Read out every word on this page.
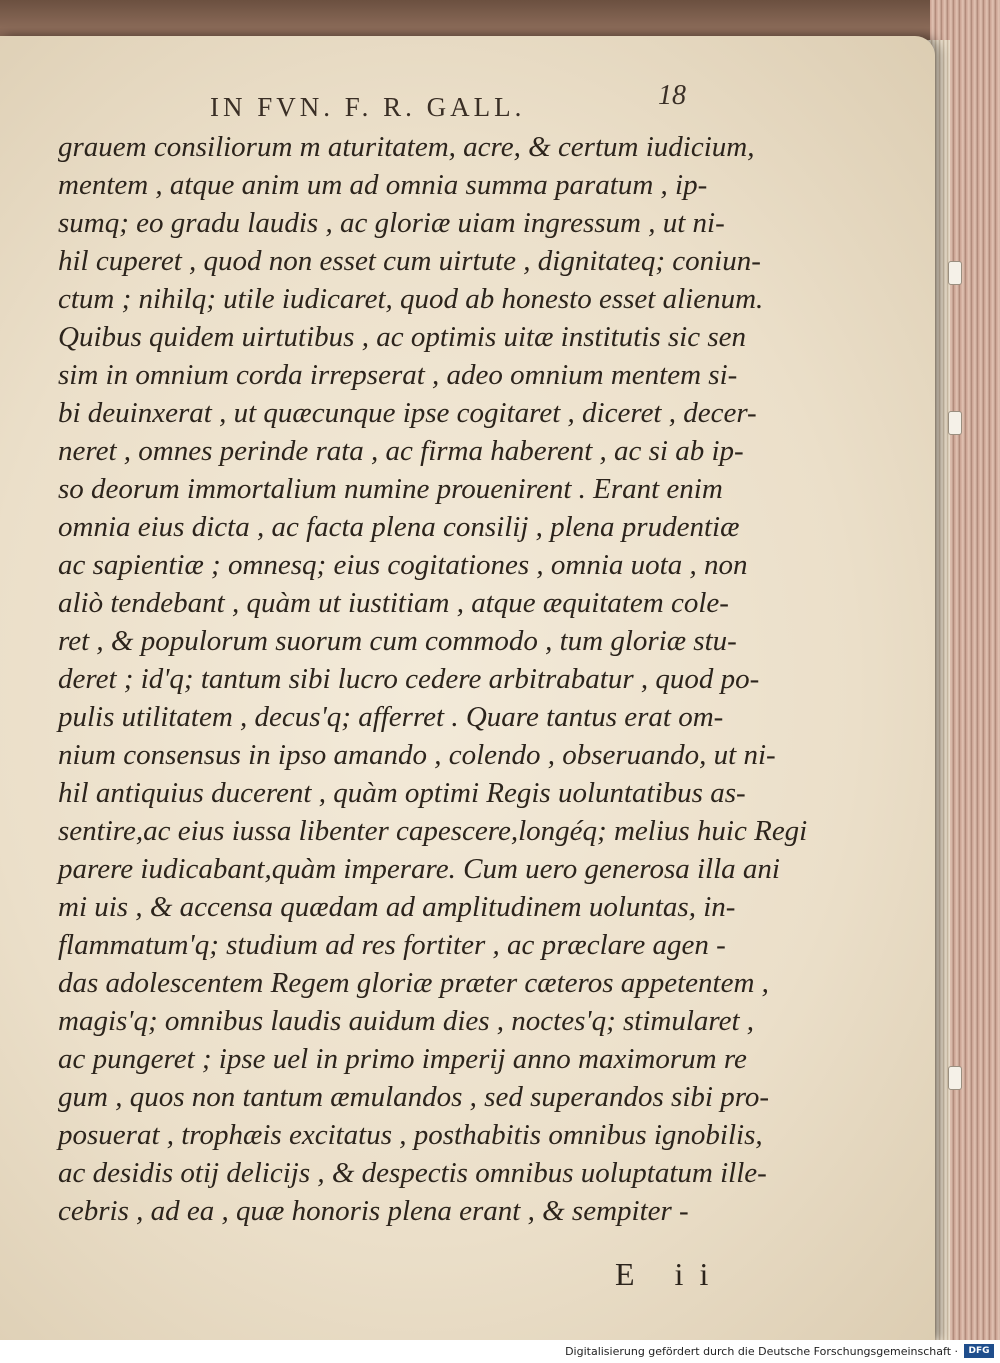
IN FVN. F. R. GALL.	18
grauem consiliorum m aturitatem, acre, & certum iudicium,
mentem , atque anim um ad omnia summa paratum , ip-
sumq; eo gradu laudis , ac gloriæ uiam ingressum , ut ni-
hil cuperet , quod non esset cum uirtute , dignitateq; coniun-
ctum ; nihilq; utile iudicaret, quod ab honesto esset alienum.
Quibus quidem uirtutibus , ac optimis uitæ institutis sic sen
sim in omnium corda irrepserat , adeo omnium mentem si-
bi deuinxerat , ut quæcunque ipse cogitaret , diceret , decer-
neret , omnes perinde rata , ac firma haberent , ac si ab ip-
so deorum immortalium numine prouenirent . Erant enim
omnia eius dicta , ac facta plena consilij , plena prudentiæ
ac sapientiæ ; omnesq; eius cogitationes , omnia uota , non
aliò tendebant , quàm ut iustitiam , atque æquitatem cole-
ret , & populorum suorum cum commodo , tum gloriæ stu-
deret ; id'q; tantum sibi lucro cedere arbitrabatur , quod po-
pulis utilitatem , decus'q; afferret . Quare tantus erat om-
nium consensus in ipso amando , colendo , obseruando, ut ni-
hil antiquius ducerent , quàm optimi Regis uoluntatibus as-
sentire,ac eius iussa libenter capescere,longéq; melius huic Regi
parere iudicabant,quàm imperare. Cum uero generosa illa ani
mi uis , & accensa quædam ad amplitudinem uoluntas, in-
flammatum'q; studium ad res fortiter , ac præclare agen -
das adolescentem Regem gloriæ præter cæteros appetentem ,
magis'q; omnibus laudis auidum dies , noctes'q; stimularet ,
ac pungeret ; ipse uel in primo imperij anno maximorum re
gum , quos non tantum æmulandos , sed superandos sibi pro-
posuerat , trophæis excitatus , posthabitis omnibus ignobilis,
ac desidis otij delicijs , & despectis omnibus uoluptatum ille-
cebris , ad ea , quæ honoris plena erant , & sempiter -
E ii
Digitalisierung gefördert durch die Deutsche Forschungsgemeinschaft ·	DFG
